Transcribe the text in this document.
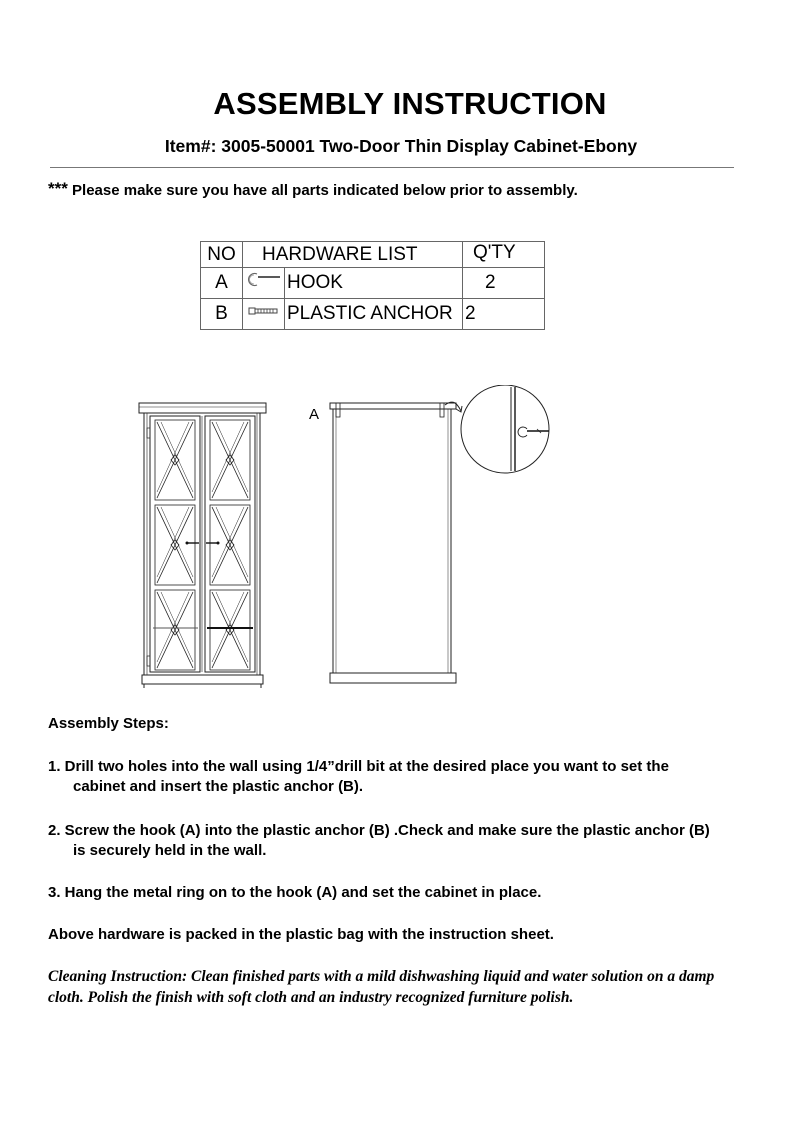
ASSEMBLY INSTRUCTION
Item#: 3005-50001 Two-Door Thin Display Cabinet-Ebony
*** Please make sure you have all parts indicated below prior to assembly.
NO	HARDWARE LIST		Q'TY
A		HOOK	2
B		PLASTIC ANCHOR	2
A

Assembly Steps:

1. Drill two holes into the wall using 1/4”drill bit at the desired place you want to set the

cabinet and insert the plastic anchor (B).

2. Screw the hook (A) into the plastic anchor (B) .Check and make sure the plastic anchor (B)

is securely held in the wall.

3. Hang the metal ring on to the hook (A) and set the cabinet in place.

Above hardware is packed in the plastic bag with the instruction sheet.

Cleaning Instruction: Clean finished parts with a mild dishwashing liquid and water solution on a damp
cloth. Polish the finish with soft cloth and an industry recognized furniture polish.
